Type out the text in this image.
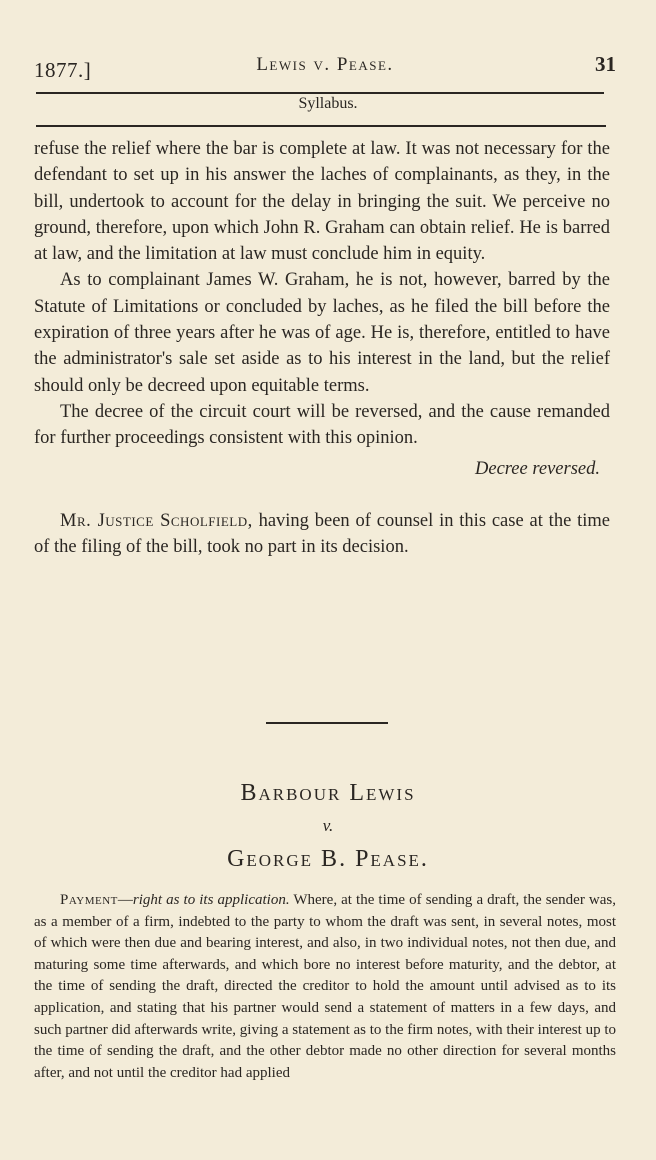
1877.]	Lewis v. Pease.	31
Syllabus.

refuse the relief where the bar is complete at law. It was not necessary for the defendant to set up in his answer the laches of complainants, as they, in the bill, undertook to account for the delay in bringing the suit. We perceive no ground, therefore, upon which John R. Graham can obtain relief. He is barred at law, and the limitation at law must conclude him in equity.

As to complainant James W. Graham, he is not, however, barred by the Statute of Limitations or concluded by laches, as he filed the bill before the expiration of three years after he was of age. He is, therefore, entitled to have the administrator's sale set aside as to his interest in the land, but the relief should only be decreed upon equitable terms.

The decree of the circuit court will be reversed, and the cause remanded for further proceedings consistent with this opinion.

Decree reversed.

Mr. Justice Scholfield, having been of counsel in this case at the time of the filing of the bill, took no part in its decision.

Barbour Lewis
v.
George B. Pease.

Payment—right as to its application. Where, at the time of sending a draft, the sender was, as a member of a firm, indebted to the party to whom the draft was sent, in several notes, most of which were then due and bearing interest, and also, in two individual notes, not then due, and maturing some time afterwards, and which bore no interest before maturity, and the debtor, at the time of sending the draft, directed the creditor to hold the amount until advised as to its application, and stating that his partner would send a statement of matters in a few days, and such partner did afterwards write, giving a statement as to the firm notes, with their interest up to the time of sending the draft, and the other debtor made no other direction for several months after, and not until the creditor had applied
